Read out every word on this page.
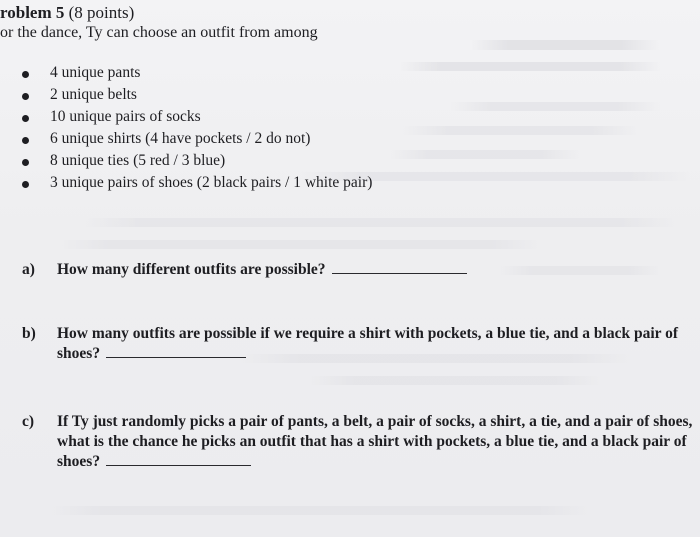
roblem 5 (8 points)
or the dance, Ty can choose an outfit from among
4 unique pants
2 unique belts
10 unique pairs of socks
6 unique shirts (4 have pockets / 2 do not)
8 unique ties (5 red / 3 blue)
3 unique pairs of shoes (2 black pairs / 1 white pair)
a) How many different outfits are possible?
b) How many outfits are possible if we require a shirt with pockets, a blue tie, and a black pair of shoes?
c) If Ty just randomly picks a pair of pants, a belt, a pair of socks, a shirt, a tie, and a pair of shoes, what is the chance he picks an outfit that has a shirt with pockets, a blue tie, and a black pair of shoes?
